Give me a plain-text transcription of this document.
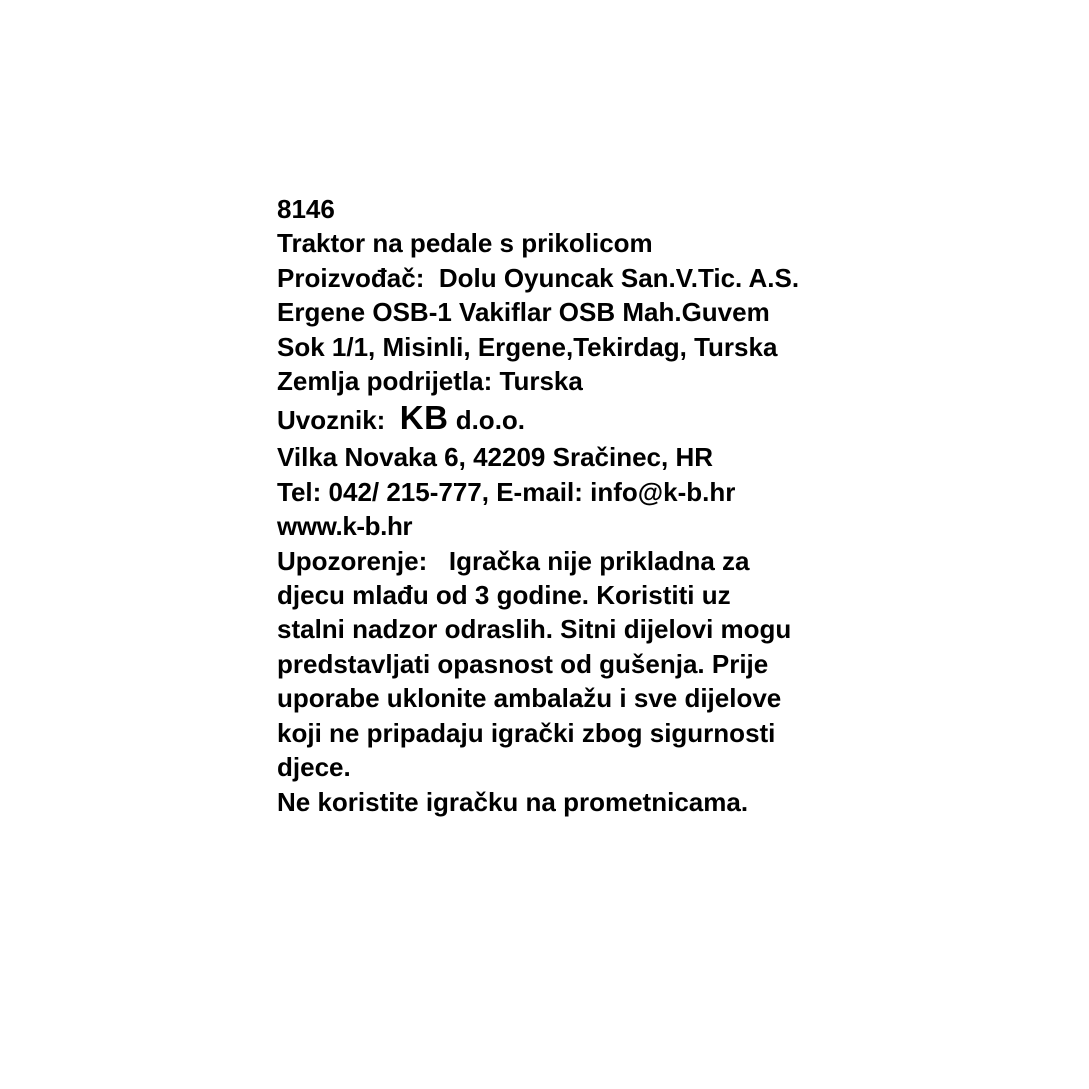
8146
Traktor na pedale s prikolicom
Proizvođač: Dolu Oyuncak San.V.Tic. A.S.
Ergene OSB-1 Vakiflar OSB Mah.Guvem
Sok 1/1, Misinli, Ergene,Tekirdag, Turska
Zemlja podrijetla: Turska
Uvoznik: KB d.o.o.
Vilka Novaka 6, 42209 Sračinec, HR
Tel: 042/ 215-777, E-mail: info@k-b.hr
www.k-b.hr
Upozorenje: Igračka nije prikladna za
djecu mlađu od 3 godine. Koristiti uz
stalni nadzor odraslih. Sitni dijelovi mogu
predstavljati opasnost od gušenja. Prije
uporabe uklonite ambalažu i sve dijelove
koji ne pripadaju igrački zbog sigurnosti
djece.
Ne koristite igračku na prometnicama.
